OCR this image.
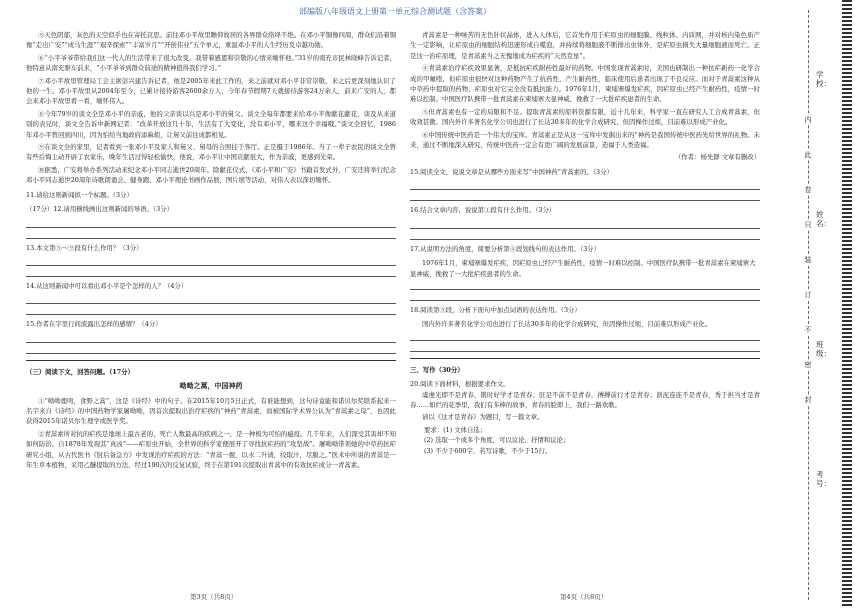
部编版八年级语文上册第一单元综合测试题（含答案）

⑤天色阴郁，灰色的天空似乎也在寄托哀思。前往邓小平故里瞻仰故居的各界群众络绎不绝。在邓小平铜像四周，群众们沿着铜像“走出广安”“成马生涯”“艰辛探索”“丰富岁月”“开创伟业”五个单元，重温邓小平的人生经历及卓越功勋。

⑥“小平爷爷带给我们这一代人的生活带来了很大改变，我带着感恩和崇敬的心情来缅怀他。”31岁的南充市民林晓峰告诉记者，他特意从南充驱车前来，“小平爷爷到群众前途的精神值得我们学习。”

⑦邓小平故里管理局工会主席彭兴建告诉记者，他是2005年来此工作的，来之前就对邓小平非常崇敬，来之后更深刻地认识了他的一生。邓小平故里从2004年至今，已累计接待游客2600余万人，今年春节假期7天就接待游客24万余人，前来广安的人，都会来邓小平故里看一看，缅怀伟人。

⑧今年79岁的谈文全是邓小平的亲戚，他的父亲谈以兴是邓小平的舅父。谈文全每年都要来给邓小平像献花献花，谈及从来道别的表兄时，谈文全告诉中新网记者：“改革开放这几十年，生活有了大变化，没有邓小平，哪来这个幸福哦。”谈文全回忆，1986年邓小平曾回到四川，因为怕给当地政府添麻烦，让舅父前往成都相见。

⑨在谈文全的家里，记者看到一张邓小平及家人和舅父、舅母的合照挂于客厅。正是摄于1986年。当了一辈子农民的谈文全曾有些后悔主动开辟了农家乐，晚年生活过得轻松愉快，他说，邓小平让中国贡献很大，作为亲戚，更感到光荣。

⑩据悉，广安将举办系列活动来纪念邓小平同志逝世20周年。除献花仪式、《邓小平和广安》书籍首发式外，广安还将举行纪念邓小平同志逝世20周年诗歌朗诵会、健身跑、邓小平理论书画作品展，图片展等活动，对伟人表以深切缅怀。

11.请给这则新闻拟一个标题。（3分）
（17分）12.请用横线画出这则新闻的导语。（3分）
13.本文第⑤～⑨段有什么作用？（3分）
14.从这则新闻中可以看出邓小平是个怎样的人？（4分）
15.作者在字里行间流露出怎样的感情？（4分）
（三）阅读下文，回答问题。（17分）
呦呦之蒿，中国神药

①“呦呦鹿鸣，食野之蒿”，这是《诗经》中的句子。在2015年10月5日正式，有谁能想到，这句诗竟能和诺贝尔奖联系起来一名字来自《诗经》的中国药物学家屠呦呦，因首次提取出治疗疟疾的“神药”青蒿素，而被国际学术界公认为“青蒿素之母”，也因此获得2015年诺贝尔生理学或医学奖。

②青蒿素所对抗的疟疾是地球上最古老的、死亡人数最高的疾病之一，是一种极为可怕的瘟疫。几千年来，人们深受其害却不知如何防治。自1878年发现其“真凶”——疟原虫开始，全世界的科学家便展开了寻找抗疟药的“攻坚战”。屠呦呦带领她的中草药抗疟研究小组，从古代医书《肘后备急方》中发现治疗疟疾的方法：“青蒿一握，以水二升渍，绞取汁，尽服之。”医术中所说的青蒿是一年生草本植物，采用乙醚提取的方法，经过190次的反复试验，终于在第191次提取出青蒿中的有效抗疟成分一青蒿素。

青蒿素是一种味苦的无色针状晶体，进入人体后，它首先作用于疟原虫的细胞膜、线粒体、内质网，并对核内染色质产生一定影响，让疟原虫的细胞结构迅速形成自噬泡，并持续将细胞液不断排出虫体外，是疟原虫损失大量细胞液而死亡。正是这一治疟原理，是青蒿素当之无愧地成为疟疾的“天然克星”。

④青蒿素治疗疟疾效果显著，是抵抗疟疾耐药性最好的药物。中国发现青蒿素时，美国也研制出一种抗疟新药一化学合成的甲氟喹，但疟原虫很快对这种药物产生了抗药性，产生耐药性，临床使用后患者出现了不良反应。而对于青蒿素这种从中草药中提取的药物，疟原虫对它完全没有抵抗能力。1976年1月，柬埔寨爆发疟疾，因疟原虫已经产生耐药性，疫情一时难以控制。中国医疗队携带一批青蒿素在柬埔寨大显神威，挽救了一大批疟疾患者的生命。

⑤但青蒿素也有一定的局限和不足。提取青蒿素的原料资源有限，近十几年来，科学家一直在研究人工合成青蒿素，但收效甚微。国内外许多著名化学公司也进行了长达30多年的化学合成研究，但因操作过烦，目前难以形成产业化。

⑥中国传统中医药是一个伟大的宝库。青蒿素正是从这一宝库中发掘出来的“神药是我国传统中医药先给世界的礼物。未来，通过不断地深入研究，传统中医药一定会有更广阔的发展前景，造福于人类造福。

（作者：杨先群 文章有删改）
15.阅读全文，说说文章是从哪些方面来写“中国神药”青蒿素的。（3分）
16.结合文章内容，说说第①段有什么作用。（3分）
17.从说明方法的角度，简要分析第④段划线句的表达作用。（3分）
1976年1月，柬埔寨爆发疟疾，因疟原虫已经产生耐药性，疫情一时难以控制。中国医疗队携带一批青蒿素在柬埔寨大显神威，挽救了一大批疟疾患者的生命。
18.阅读第⑤段，分析下面句中加点词语的表达作用。（3分）
国内外许多著名化学公司也进行了长达30多年的化学合成研究，但因操作过烦，目前难以形成产业化。
三、写作（30分）
20.阅读下面材料，根据要求作文。

虞虔光即不是青春，锻时好学才是青春；驻足不前不是青春，搏搏前行才是青春；溃泥连连不是青春，秀于担当才是青春……如烂的花季里，我们有多棒的故事，青春的脸即上，我们一路欢歌。

请以《这才是青春》为题目，写一篇文章。

要求：(1) 文体自选；
(2) 选取一个或多个角度，可以议论、抒情和议论；
(3) 不少于600字，若写诗歌，不少于15行。
第3页（共8页）	第4页（共8页）
内
此
卷
只
装
订
不
密
封
学校：
姓名：
班级：
考号：
